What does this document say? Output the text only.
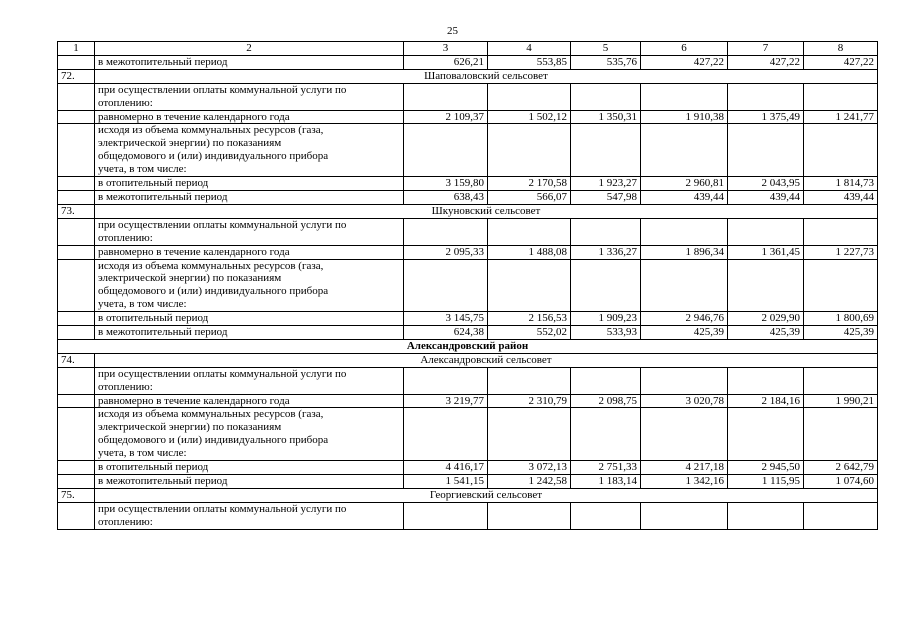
25
1	2	3	4	5	6	7	8
	в межотопительный период	626,21	553,85	535,76	427,22	427,22	427,22
72.	Шаповаловский сельсовет						
	при осуществлении оплаты коммунальной услуги по						
	отоплению:						
	равномерно в течение календарного года	2 109,37	1 502,12	1 350,31	1 910,38	1 375,49	1 241,77
	исходя из объема коммунальных ресурсов (газа,						
	электрической энергии) по показаниям						
	общедомового и (или) индивидуального прибора						
	учета, в том числе:						
	в отопительный период	3 159,80	2 170,58	1 923,27	2 960,81	2 043,95	1 814,73
	в межотопительный период	638,43	566,07	547,98	439,44	439,44	439,44
73.	Шкуновский сельсовет						
	при осуществлении оплаты коммунальной услуги по						
	отоплению:						
	равномерно в течение календарного года	2 095,33	1 488,08	1 336,27	1 896,34	1 361,45	1 227,73
	исходя из объема коммунальных ресурсов (газа,						
	электрической энергии) по показаниям						
	общедомового и (или) индивидуального прибора						
	учета, в том числе:						
	в отопительный период	3 145,75	2 156,53	1 909,23	2 946,76	2 029,90	1 800,69
	в межотопительный период	624,38	552,02	533,93	425,39	425,39	425,39
Александровский район							
74.	Александровский сельсовет						
	при осуществлении оплаты коммунальной услуги по						
	отоплению:						
	равномерно в течение календарного года	3 219,77	2 310,79	2 098,75	3 020,78	2 184,16	1 990,21
	исходя из объема коммунальных ресурсов (газа,						
	электрической энергии) по показаниям						
	общедомового и (или) индивидуального прибора						
	учета, в том числе:						
	в отопительный период	4 416,17	3 072,13	2 751,33	4 217,18	2 945,50	2 642,79
	в межотопительный период	1 541,15	1 242,58	1 183,14	1 342,16	1 115,95	1 074,60
75.	Георгиевский сельсовет						
	при осуществлении оплаты коммунальной услуги по						
	отоплению:						
